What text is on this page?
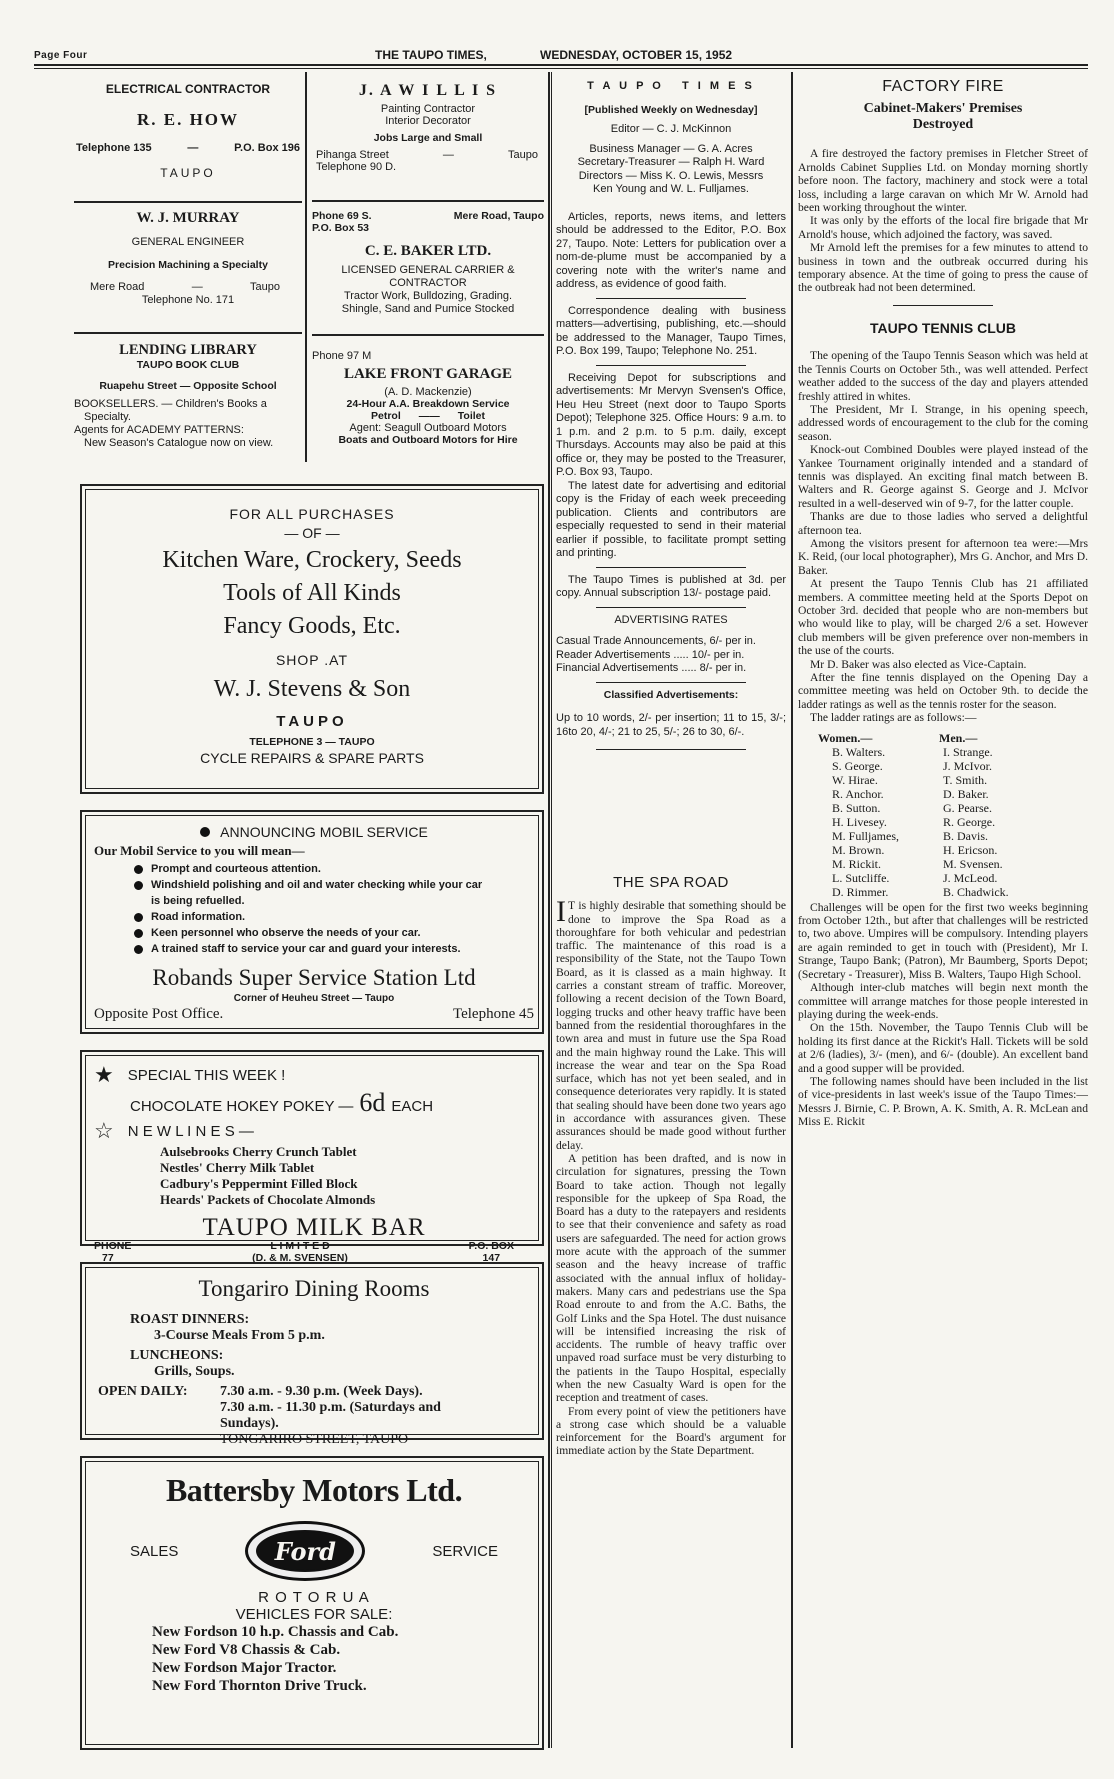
Page Four	THE TAUPO TIMES,	WEDNESDAY, OCTOBER 15, 1952
ELECTRICAL CONTRACTOR
R. E. HOW
Telephone 135	—	P.O. Box 196
TAUPO
W. J. MURRAY
GENERAL ENGINEER
Precision Machining a Specialty
Mere Road	—	Taupo
Telephone No. 171
LENDING LIBRARY
TAUPO BOOK CLUB
Ruapehu Street — Opposite School
BOOKSELLERS. — Children's Books a
Specialty.
Agents for ACADEMY PATTERNS:
New Season's Catalogue now on view.
J. A W I L L I S
Painting Contractor
Interior Decorator
Jobs Large and Small
Pihanga Street	—	Taupo
Telephone 90 D.
Phone 69 S.	Mere Road, Taupo
P.O. Box 53
C. E. BAKER LTD.
LICENSED GENERAL CARRIER &
CONTRACTOR
Tractor Work, Bulldozing, Grading.
Shingle, Sand and Pumice Stocked
Phone 97 M
LAKE FRONT GARAGE
(A. D. Mackenzie)
24-Hour A.A. Breakdown Service
Petrol —— Toilet
Agent: Seagull Outboard Motors
Boats and Outboard Motors for Hire
FOR ALL PURCHASES
— OF —
Kitchen Ware, Crockery, Seeds
Tools of All Kinds
Fancy Goods, Etc.
SHOP .AT
W. J. Stevens & Son
TAUPO
TELEPHONE 3 — TAUPO
CYCLE REPAIRS & SPARE PARTS
ANNOUNCING MOBIL SERVICE
Our Mobil Service to you will mean—
Prompt and courteous attention.
Windshield polishing and oil and water checking while your car
is being refuelled.
Road information.
Keen personnel who observe the needs of your car.
A trained staff to service your car and guard your interests.
Robands Super Service Station Ltd
Corner of Heuheu Street — Taupo
Opposite Post Office.	Telephone 45
★ SPECIAL THIS WEEK !
CHOCOLATE HOKEY POKEY — 6d EACH
☆ N E W L I N E S —
Aulsebrooks Cherry Crunch Tablet
Nestles' Cherry Milk Tablet
Cadbury's Peppermint Filled Block
Heards' Packets of Chocolate Almonds
TAUPO MILK BAR
PHONE
77
L I M I T E D
(D. & M. SVENSEN)
P.O. BOX
147
Tongariro Dining Rooms
ROAST DINNERS:
3-Course Meals From 5 p.m.
LUNCHEONS:
Grills, Soups.
OPEN DAILY:	7.30 a.m. - 9.30 p.m. (Week Days).
7.30 a.m. - 11.30 p.m. (Saturdays and
Sundays).
TONGARIRO STREET, TAUPO
Battersby Motors Ltd.
SALES	Ford	SERVICE
R O T O R U A
VEHICLES FOR SALE:
New Fordson 10 h.p. Chassis and Cab.
New Ford V8 Chassis & Cab.
New Fordson Major Tractor.
New Ford Thornton Drive Truck.
T A U P O   T I M E S
[Published Weekly on Wednesday]
Editor — C. J. McKinnon
Business Manager — G. A. Acres
Secretary-Treasurer — Ralph H. Ward
Directors — Miss K. O. Lewis, Messrs
Ken Young and W. L. Fulljames.
Articles, reports, news items, and letters should be addressed to the Editor, P.O. Box 27, Taupo. Note: Letters for publication over a nom-de-plume must be accompanied by a covering note with the writer's name and address, as evidence of good faith.
Correspondence dealing with business matters—advertising, publishing, etc.—should be addressed to the Manager, Taupo Times, P.O. Box 199, Taupo; Telephone No. 251.
Receiving Depot for subscriptions and advertisements: Mr Mervyn Svensen's Office, Heu Heu Street (next door to Taupo Sports Depot); Telephone 325. Office Hours: 9 a.m. to 1 p.m. and 2 p.m. to 5 p.m. daily, except Thursdays. Accounts may also be paid at this office or, they may be posted to the Treasurer, P.O. Box 93, Taupo.
The latest date for advertising and editorial copy is the Friday of each week preceeding publication. Clients and contributors are especially requested to send in their material earlier if possible, to facilitate prompt setting and printing.
The Taupo Times is published at 3d. per copy. Annual subscription 13/- postage paid.
ADVERTISING RATES
Casual Trade Announcements, 6/- per in.
Reader Advertisements ..... 10/- per in.
Financial Advertisements ..... 8/- per in.
Classified Advertisements:
Up to 10 words, 2/- per insertion; 11 to 15, 3/-; 16to 20, 4/-; 21 to 25, 5/-; 26 to 30, 6/-.
THE SPA ROAD
I T is highly desirable that something should be done to improve the Spa Road as a thoroughfare for both vehicular and pedestrian traffic. The maintenance of this road is a responsibility of the State, not the Taupo Town Board, as it is classed as a main highway. It carries a constant stream of traffic. Moreover, following a recent decision of the Town Board, logging trucks and other heavy traffic have been banned from the residential thoroughfares in the town area and must in future use the Spa Road and the main highway round the Lake. This will increase the wear and tear on the Spa Road surface, which has not yet been sealed, and in consequence deteriorates very rapidly. It is stated that sealing should have been done two years ago in accordance with assurances given. These assurances should be made good without further delay.
A petition has been drafted, and is now in circulation for signatures, pressing the Town Board to take action. Though not legally responsible for the upkeep of Spa Road, the Board has a duty to the ratepayers and residents to see that their convenience and safety as road users are safeguarded. The need for action grows more acute with the approach of the summer season and the heavy increase of traffic associated with the annual influx of holiday-makers. Many cars and pedestrians use the Spa Road enroute to and from the A.C. Baths, the Golf Links and the Spa Hotel. The dust nuisance will be intensified increasing the risk of accidents. The rumble of heavy traffic over unpaved road surface must be very disturbing to the patients in the Taupo Hospital, especially when the new Casualty Ward is open for the reception and treatment of cases.
From every point of view the petitioners have a strong case which should be a valuable reinforcement for the Board's argument for immediate action by the State Department.
FACTORY FIRE
Cabinet-Makers' Premises
Destroyed
A fire destroyed the factory premises in Fletcher Street of Arnolds Cabinet Supplies Ltd. on Monday morning shortly before noon. The factory, machinery and stock were a total loss, including a large caravan on which Mr W. Arnold had been working throughout the winter.
It was only by the efforts of the local fire brigade that Mr Arnold's house, which adjoined the factory, was saved.
Mr Arnold left the premises for a few minutes to attend to business in town and the outbreak occurred during his temporary absence. At the time of going to press the cause of the outbreak had not been determined.
TAUPO TENNIS CLUB
The opening of the Taupo Tennis Season which was held at the Tennis Courts on October 5th., was well attended. Perfect weather added to the success of the day and players attended freshly attired in whites.
The President, Mr I. Strange, in his opening speech, addressed words of encouragement to the club for the coming season.
Knock-out Combined Doubles were played instead of the Yankee Tournament originally intended and a standard of tennis was displayed. An exciting final match between B. Walters and R. George against S. George and J. McIvor resulted in a well-deserved win of 9-7, for the latter couple.
Thanks are due to those ladies who served a delightful afternoon tea.
Among the visitors present for afternoon tea were:—Mrs K. Reid, (our local photographer), Mrs G. Anchor, and Mrs D. Baker.
At present the Taupo Tennis Club has 21 affiliated members. A committee meeting held at the Sports Depot on October 3rd. decided that people who are non-members but who would like to play, will be charged 2/6 a set. However club members will be given preference over non-members in the use of the courts.
Mr D. Baker was also elected as Vice-Captain.
After the fine tennis displayed on the Opening Day a committee meeting was held on October 9th. to decide the ladder ratings as well as the tennis roster for the season.
The ladder ratings are as follows:—
Women.—	Men.—
B. Walters.	I. Strange.
S. George.	J. McIvor.
W. Hirae.	T. Smith.
R. Anchor.	D. Baker.
B. Sutton.	G. Pearse.
H. Livesey.	R. George.
M. Fulljames,	B. Davis.
M. Brown.	H. Ericson.
M. Rickit.	M. Svensen.
L. Sutcliffe.	J. McLeod.
D. Rimmer.	B. Chadwick.
Challenges will be open for the first two weeks beginning from October 12th., but after that challenges will be restricted to, two above. Umpires will be compulsory. Intending players are again reminded to get in touch with (President), Mr I. Strange, Taupo Bank; (Patron), Mr Baumberg, Sports Depot; (Secretary - Treasurer), Miss B. Walters, Taupo High School.
Although inter-club matches will begin next month the committee will arrange matches for those people interested in playing during the week-ends.
On the 15th. November, the Taupo Tennis Club will be holding its first dance at the Rickit's Hall. Tickets will be sold at 2/6 (ladies), 3/- (men), and 6/- (double). An excellent band and a good supper will be provided.
The following names should have been included in the list of vice-presidents in last week's issue of the Taupo Times:—Messrs J. Birnie, C. P. Brown, A. K. Smith, A. R. McLean and Miss E. Rickit
